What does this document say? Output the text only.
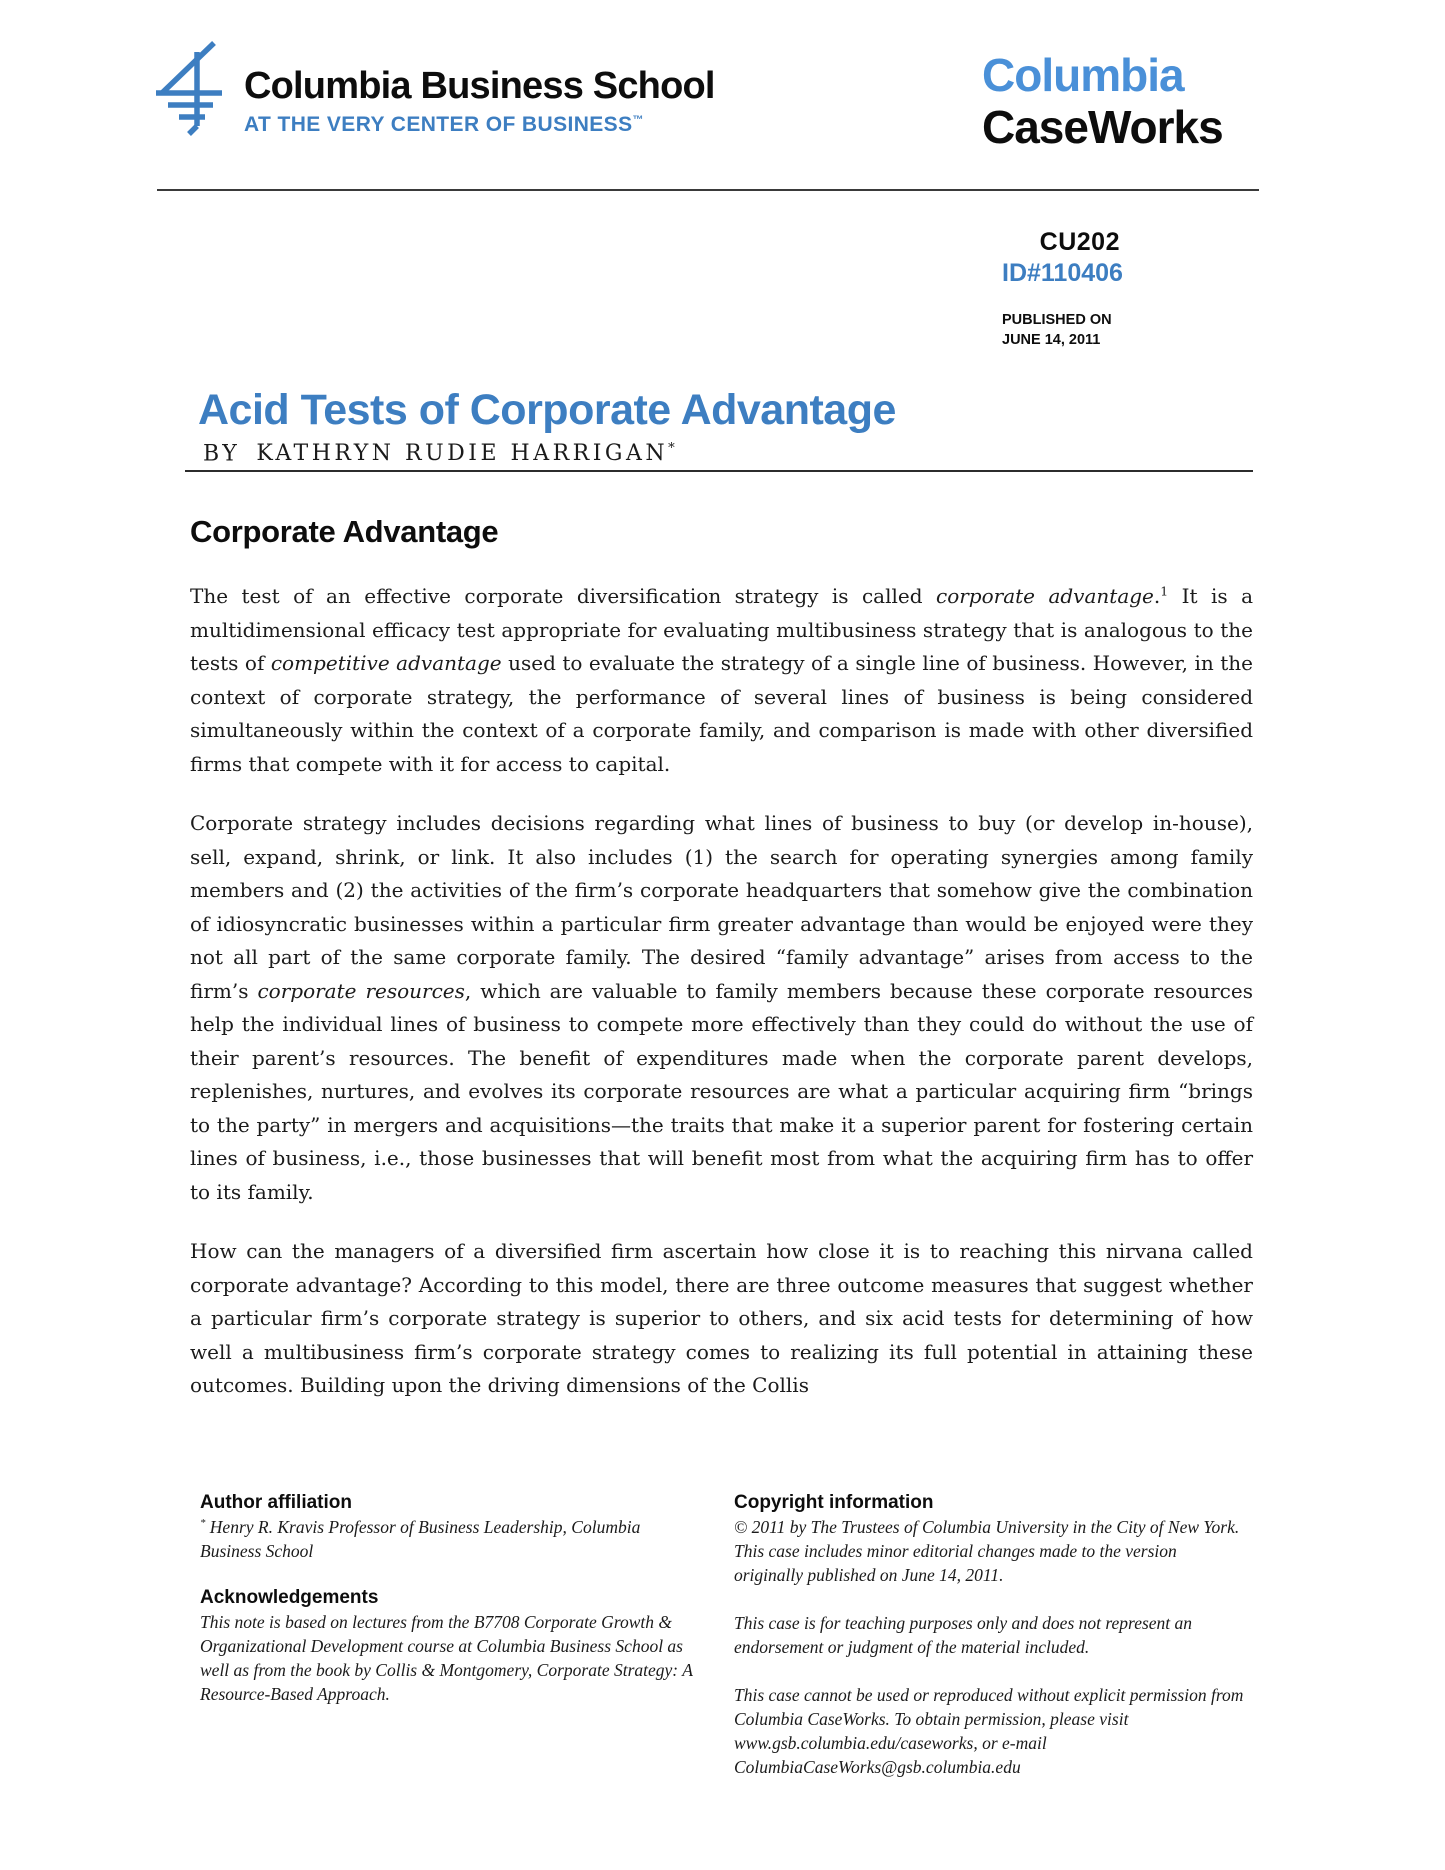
Columbia Business School
AT THE VERY CENTER OF BUSINESS™
Columbia
CaseWorks
CU202
ID#110406
PUBLISHED ON
JUNE 14, 2011
Acid Tests of Corporate Advantage
BY KATHRYN RUDIE HARRIGAN*
Corporate Advantage

The test of an effective corporate diversification strategy is called corporate advantage.$^1$ It is a multidimensional efficacy test appropriate for evaluating multibusiness strategy that is analogous to the tests of competitive advantage used to evaluate the strategy of a single line of business. However, in the context of corporate strategy, the performance of several lines of business is being considered simultaneously within the context of a corporate family, and comparison is made with other diversified firms that compete with it for access to capital.

Corporate strategy includes decisions regarding what lines of business to buy (or develop in-house), sell, expand, shrink, or link. It also includes (1) the search for operating synergies among family members and (2) the activities of the firm’s corporate headquarters that somehow give the combination of idiosyncratic businesses within a particular firm greater advantage than would be enjoyed were they not all part of the same corporate family. The desired “family advantage” arises from access to the firm’s corporate resources, which are valuable to family members because these corporate resources help the individual lines of business to compete more effectively than they could do without the use of their parent’s resources. The benefit of expenditures made when the corporate parent develops, replenishes, nurtures, and evolves its corporate resources are what a particular acquiring firm “brings to the party” in mergers and acquisitions—the traits that make it a superior parent for fostering certain lines of business, i.e., those businesses that will benefit most from what the acquiring firm has to offer to its family.

How can the managers of a diversified firm ascertain how close it is to reaching this nirvana called corporate advantage? According to this model, there are three outcome measures that suggest whether a particular firm’s corporate strategy is superior to others, and six acid tests for determining of how well a multibusiness firm’s corporate strategy comes to realizing its full potential in attaining these outcomes. Building upon the driving dimensions of the Collis

Author affiliation

* Henry R. Kravis Professor of Business Leadership, Columbia Business School

Acknowledgements

This note is based on lectures from the B7708 Corporate Growth & Organizational Development course at Columbia Business School as well as from the book by Collis & Montgomery, Corporate Strategy: A Resource-Based Approach.

Copyright information

© 2011 by The Trustees of Columbia University in the City of New York. This case includes minor editorial changes made to the version originally published on June 14, 2011.

This case is for teaching purposes only and does not represent an endorsement or judgment of the material included.

This case cannot be used or reproduced without explicit permission from Columbia CaseWorks. To obtain permission, please visit www.gsb.columbia.edu/caseworks, or e-mail ColumbiaCaseWorks@gsb.columbia.edu
